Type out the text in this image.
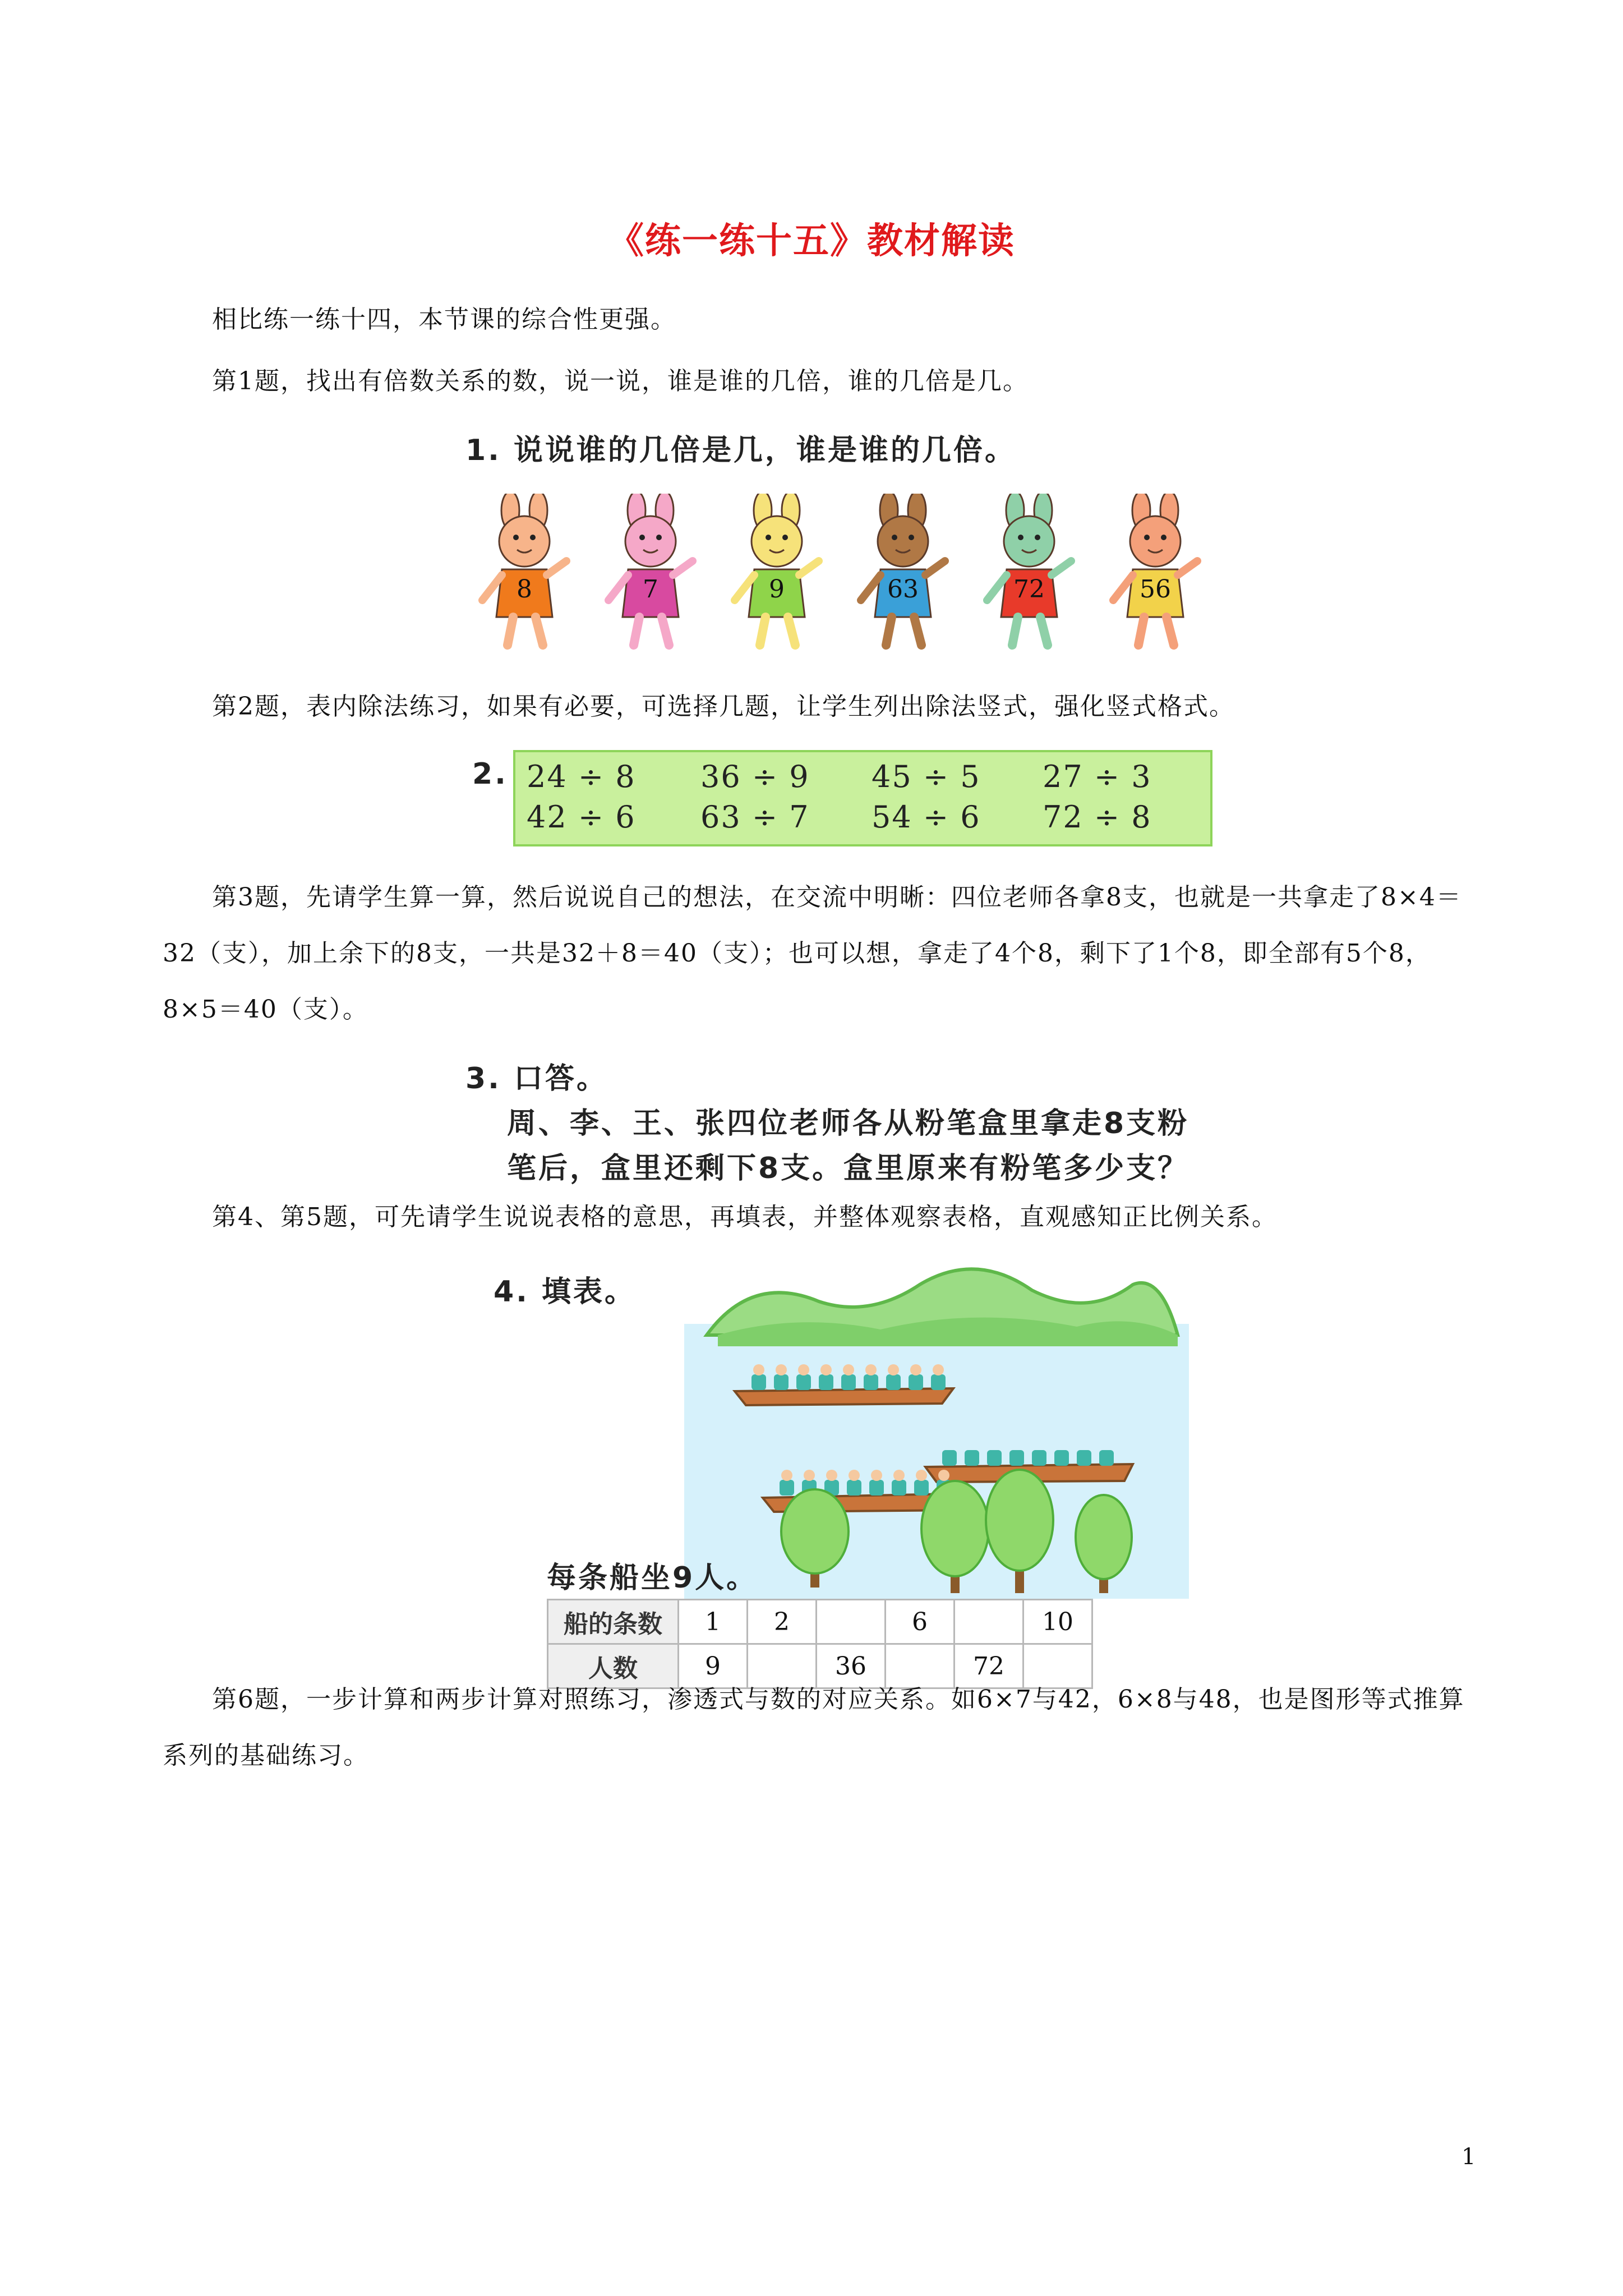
《练一练十五》教材解读

相比练一练十四，本节课的综合性更强。

第1题，找出有倍数关系的数，说一说，谁是谁的几倍，谁的几倍是几。

1. 说说谁的几倍是几，谁是谁的几倍。
8	7	9	63	72	56

第2题，表内除法练习，如果有必要，可选择几题，让学生列出除法竖式，强化竖式格式。

2. 24 ÷ 8	36 ÷ 9	45 ÷ 5	27 ÷ 3
42 ÷ 6	63 ÷ 7	54 ÷ 6	72 ÷ 8

第3题，先请学生算一算，然后说说自己的想法，在交流中明晰：四位老师各拿8支，也就是一共拿走了8×4＝32（支），加上余下的8支，一共是32＋8＝40（支）；也可以想，拿走了4个8，剩下了1个8，即全部有5个8，8×5＝40（支）。

3. 口答。
周、李、王、张四位老师各从粉笔盒里拿走8支粉
笔后，盒里还剩下8支。盒里原来有粉笔多少支？

第4、第5题，可先请学生说说表格的意思，再填表，并整体观察表格，直观感知正比例关系。

4. 填表。
每条船坐9人。
船的条数	1	2		6		10
人数	9		36		72	

第6题，一步计算和两步计算对照练习，渗透式与数的对应关系。如6×7与42，6×8与48，也是图形等式推算系列的基础练习。

1
